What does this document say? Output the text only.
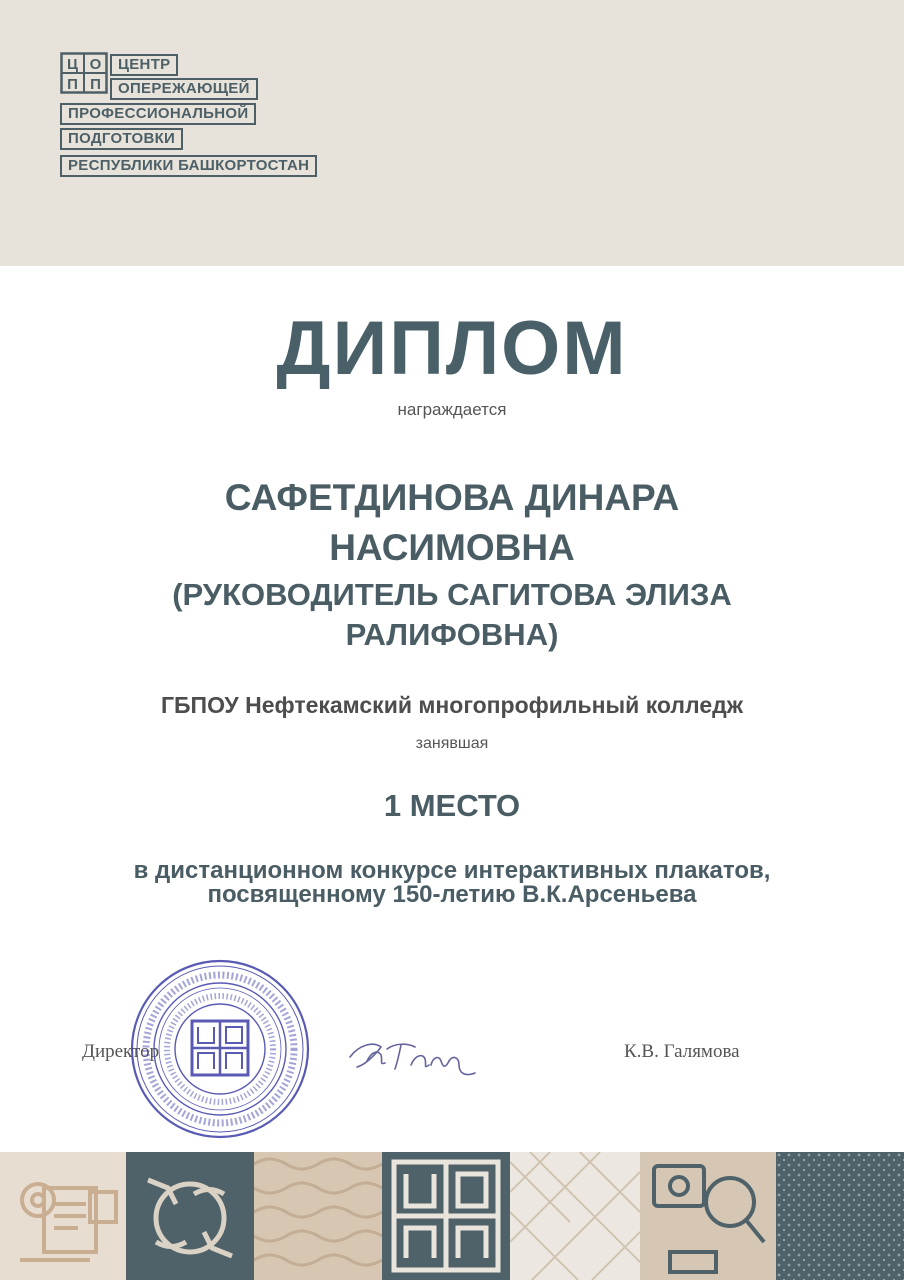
Ц О
П П
ЦЕНТР
ОПЕРЕЖАЮЩЕЙ
ПРОФЕССИОНАЛЬНОЙ
ПОДГОТОВКИ
РЕСПУБЛИКИ БАШКОРТОСТАН
ДИПЛОМ
награждается
САФЕТДИНОВА ДИНАРА
НАСИМОВНА
(РУКОВОДИТЕЛЬ САГИТОВА ЭЛИЗА
РАЛИФОВНА)
ГБПОУ Нефтекамский многопрофильный колледж
занявшая
1 МЕСТО
в дистанционном конкурсе интерактивных плакатов,
посвященному 150-летию В.К.Арсеньева
Директор	К.В. Галямова
